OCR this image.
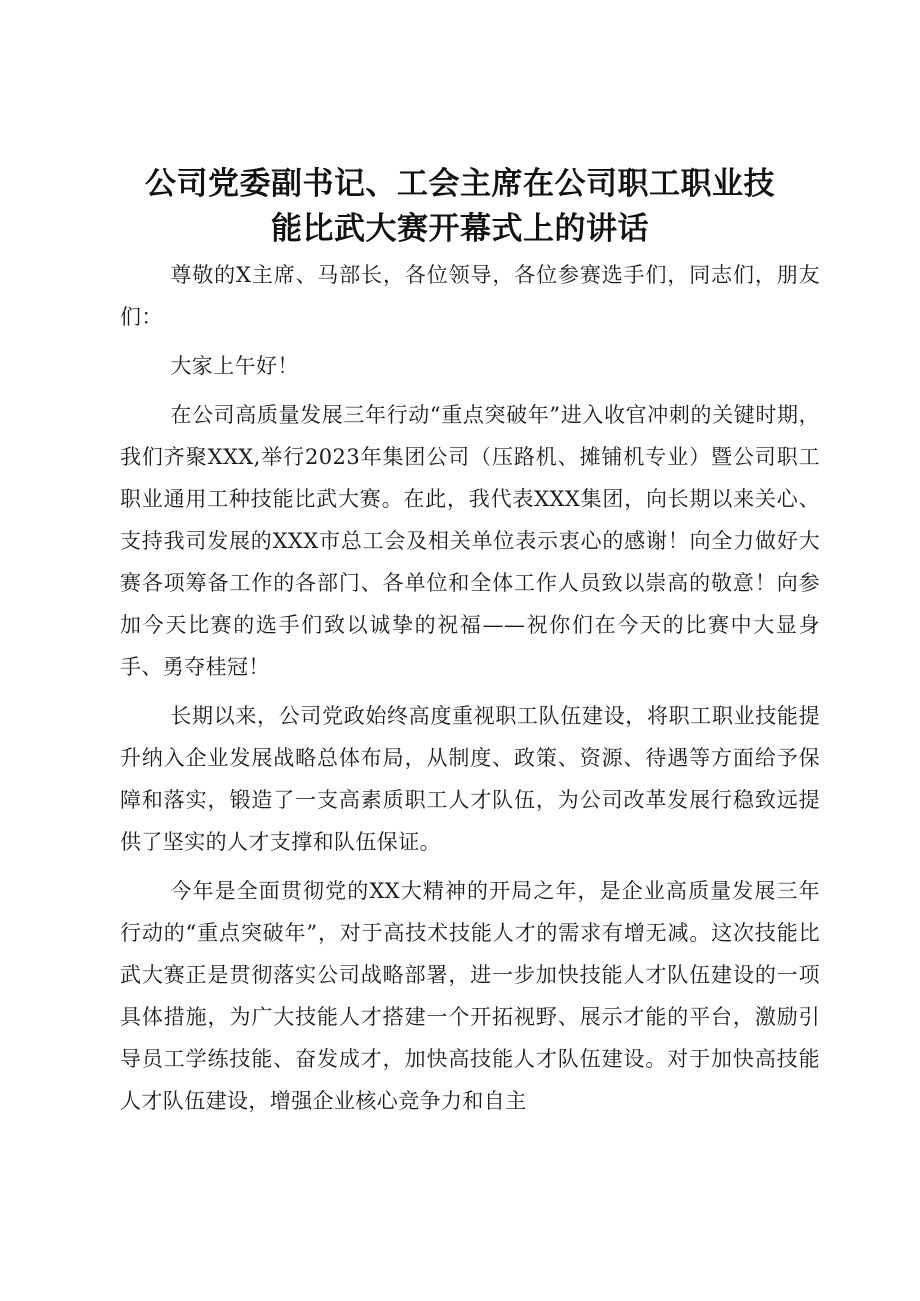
公司党委副书记、工会主席在公司职工职业技
能比武大赛开幕式上的讲话

尊敬的X主席、马部长，各位领导，各位参赛选手们，同志们，朋友们：

大家上午好！

在公司高质量发展三年行动“重点突破年”进入收官冲刺的关键时期，我们齐聚XXX,举行2023年集团公司（压路机、摊铺机专业）暨公司职工职业通用工种技能比武大赛。在此，我代表XXX集团，向长期以来关心、支持我司发展的XXX市总工会及相关单位表示衷心的感谢！向全力做好大赛各项筹备工作的各部门、各单位和全体工作人员致以崇高的敬意！向参加今天比赛的选手们致以诚挚的祝福——祝你们在今天的比赛中大显身手、勇夺桂冠！

长期以来，公司党政始终高度重视职工队伍建设，将职工职业技能提升纳入企业发展战略总体布局，从制度、政策、资源、待遇等方面给予保障和落实，锻造了一支高素质职工人才队伍，为公司改革发展行稳致远提供了坚实的人才支撑和队伍保证。

今年是全面贯彻党的XX大精神的开局之年，是企业高质量发展三年行动的“重点突破年”，对于高技术技能人才的需求有增无减。这次技能比武大赛正是贯彻落实公司战略部署，进一步加快技能人才队伍建设的一项具体措施，为广大技能人才搭建一个开拓视野、展示才能的平台，激励引导员工学练技能、奋发成才，加快高技能人才队伍建设。对于加快高技能人才队伍建设，增强企业核心竞争力和自主
